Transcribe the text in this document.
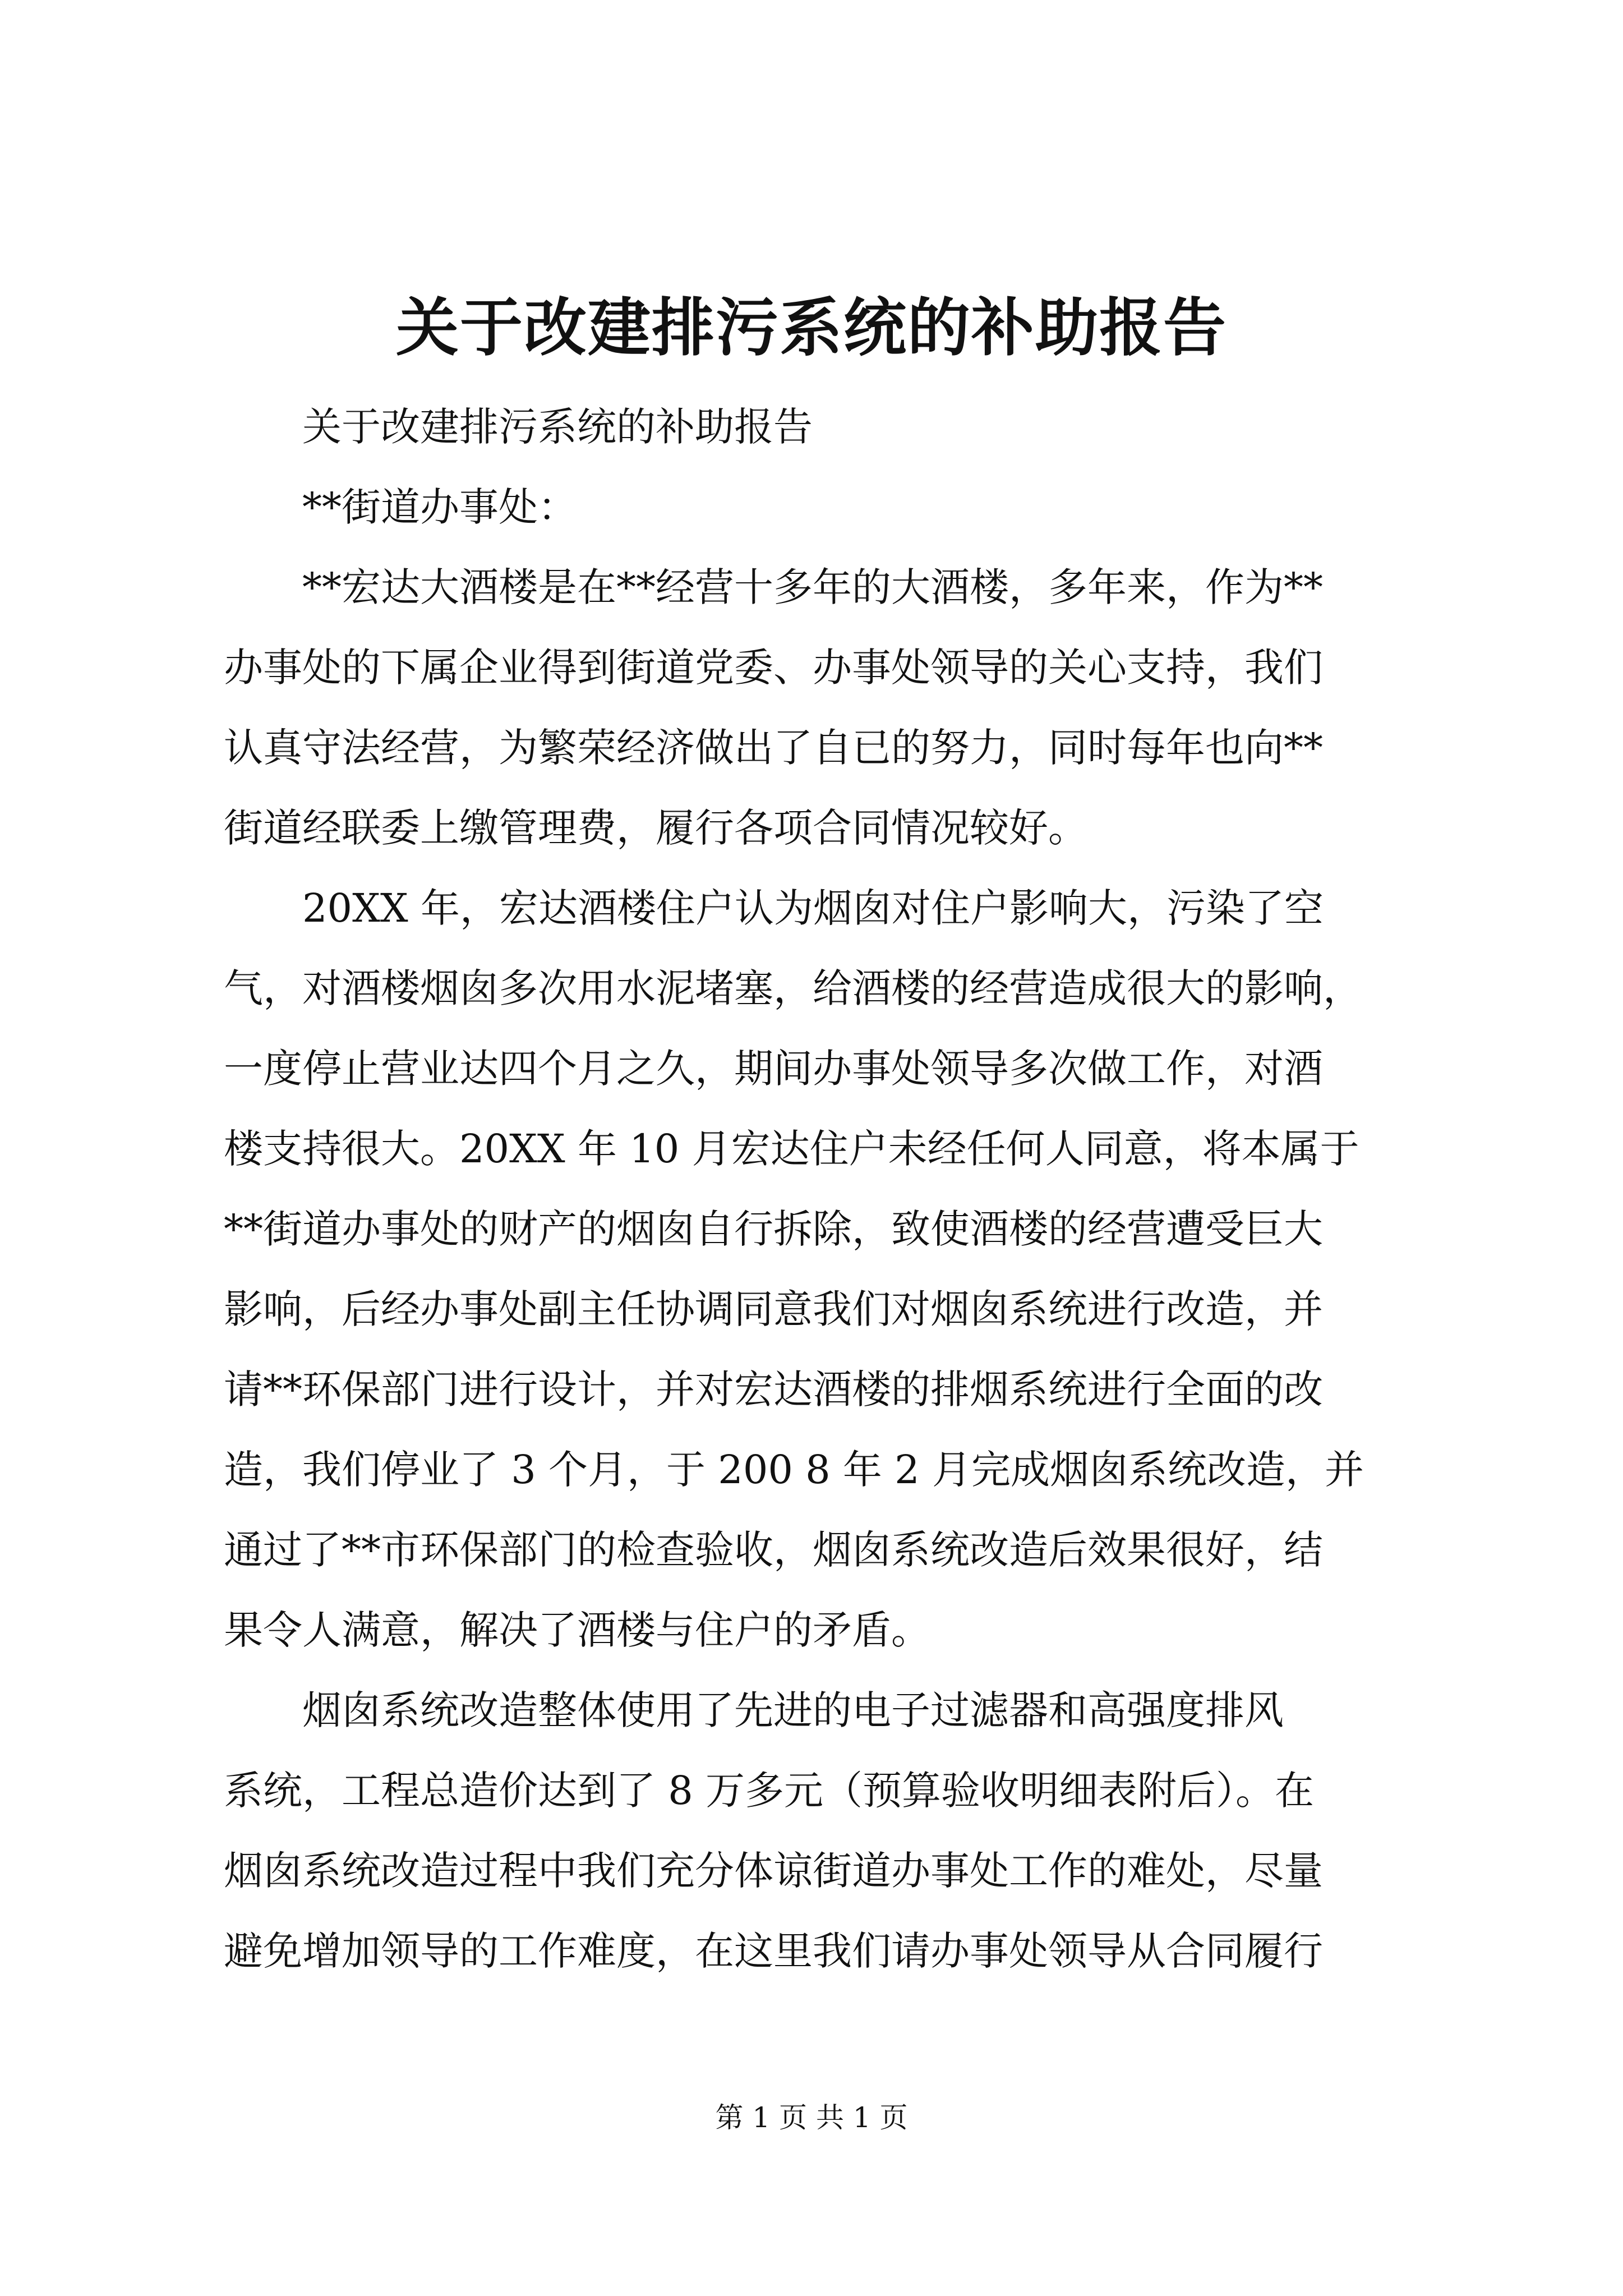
关于改建排污系统的补助报告
关于改建排污系统的补助报告
**街道办事处：
**宏达大酒楼是在**经营十多年的大酒楼，多年来，作为**
办事处的下属企业得到街道党委、办事处领导的关心支持，我们
认真守法经营，为繁荣经济做出了自已的努力，同时每年也向**
街道经联委上缴管理费，履行各项合同情况较好。
20XX 年，宏达酒楼住户认为烟囱对住户影响大，污染了空
气，对酒楼烟囱多次用水泥堵塞，给酒楼的经营造成很大的影响，
一度停止营业达四个月之久，期间办事处领导多次做工作，对酒
楼支持很大。20XX 年 10 月宏达住户未经任何人同意，将本属于
**街道办事处的财产的烟囱自行拆除，致使酒楼的经营遭受巨大
影响，后经办事处副主任协调同意我们对烟囱系统进行改造，并
请**环保部门进行设计，并对宏达酒楼的排烟系统进行全面的改
造，我们停业了 3 个月，于 200 8 年 2 月完成烟囱系统改造，并
通过了**市环保部门的检查验收，烟囱系统改造后效果很好，结
果令人满意，解决了酒楼与住户的矛盾。
烟囱系统改造整体使用了先进的电子过滤器和高强度排风
系统，工程总造价达到了 8 万多元（预算验收明细表附后）。在
烟囱系统改造过程中我们充分体谅街道办事处工作的难处，尽量
避免增加领导的工作难度，在这里我们请办事处领导从合同履行
第 1 页 共 1 页
